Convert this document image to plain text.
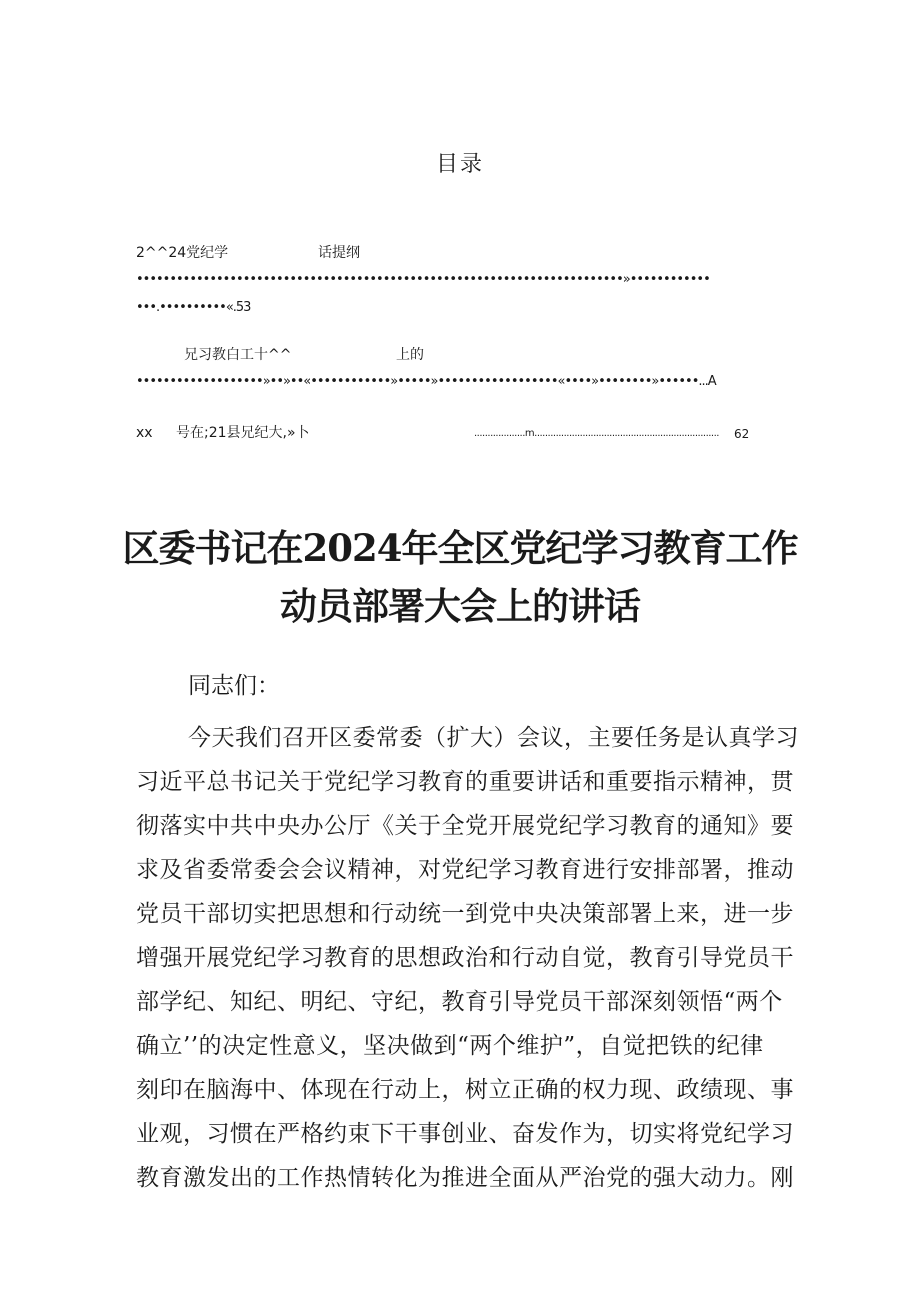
目录
2^^24党纪学	话提纲
•••••••••••••••••••••••••••••••••••••••••••••••••••••••••••••••••••••••••»••••••••••••
•••.••••••••••«.53
兄习教白工十^^	上的
•••••••••••••••••••»••»••«••••••••••••»•••••»••••••••••••••••••«••••»••••••••»••••••...A
xx 号在;21县兄纪大,»卜	...................m.....................................................................	62
区委书记在2024年全区党纪学习教育工作
动员部署大会上的讲话
同志们：
今天我们召开区委常委（扩大）会议，主要任务是认真学习
习近平总书记关于党纪学习教育的重要讲话和重要指示精神，贯
彻落实中共中央办公厅《关于全党开展党纪学习教育的通知》要
求及省委常委会会议精神，对党纪学习教育进行安排部署，推动
党员干部切实把思想和行动统一到党中央决策部署上来，进一步
增强开展党纪学习教育的思想政治和行动自觉，教育引导党员干
部学纪、知纪、明纪、守纪，教育引导党员干部深刻领悟“两个
确立’’的决定性意义，坚决做到“两个维护”，自觉把铁的纪律
刻印在脑海中、体现在行动上，树立正确的权力现、政绩现、事
业观，习惯在严格约束下干事创业、奋发作为，切实将党纪学习
教育激发出的工作热情转化为推进全面从严治党的强大动力。刚
